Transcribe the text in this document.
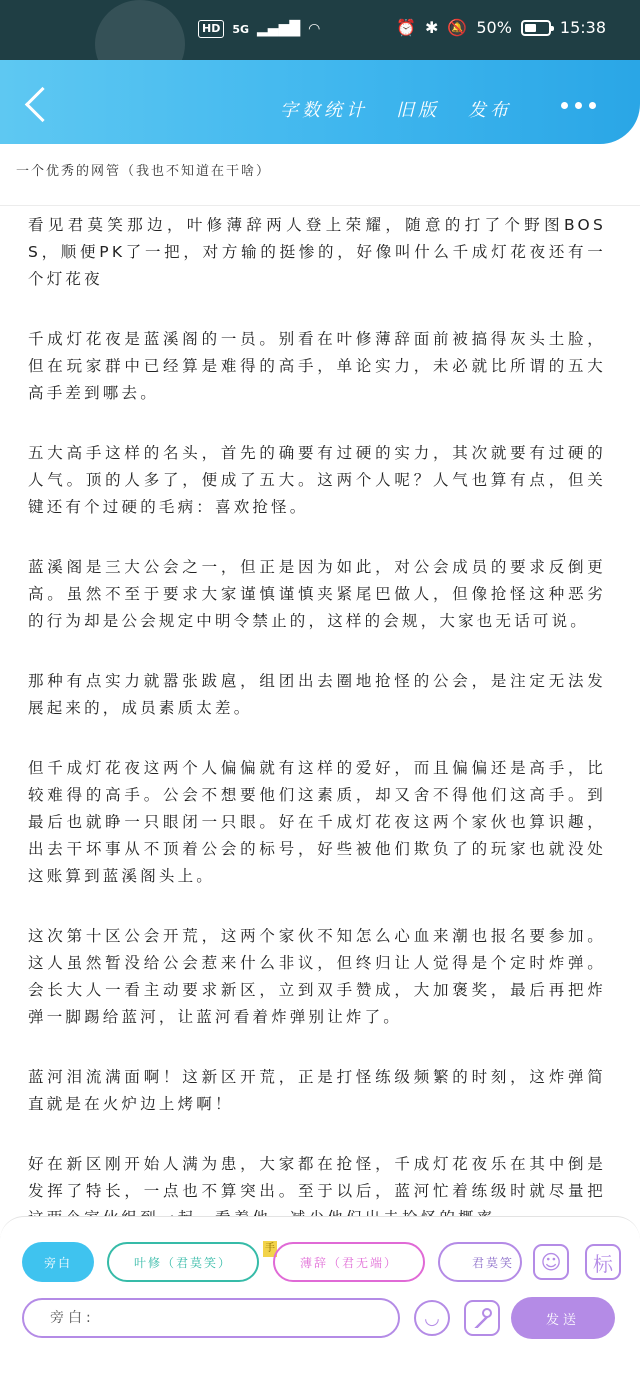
HD	5G ▂▄▆█ ◠	⏰ ✱ 🔕 50%	15:38
字数统计 旧版 发布
一个优秀的网管（我也不知道在干啥）

看见君莫笑那边，叶修薄辞两人登上荣耀，随意的打了个野图BOSS，顺便PK了一把，对方输的挺惨的，好像叫什么千成灯花夜还有一个灯花夜

千成灯花夜是蓝溪阁的一员。别看在叶修薄辞面前被搞得灰头土脸，但在玩家群中已经算是难得的高手，单论实力，未必就比所谓的五大高手差到哪去。

五大高手这样的名头，首先的确要有过硬的实力，其次就要有过硬的人气。顶的人多了，便成了五大。这两个人呢？人气也算有点，但关键还有个过硬的毛病：喜欢抢怪。

蓝溪阁是三大公会之一，但正是因为如此，对公会成员的要求反倒更高。虽然不至于要求大家谨慎谨慎夹紧尾巴做人，但像抢怪这种恶劣的行为却是公会规定中明令禁止的，这样的会规，大家也无话可说。

那种有点实力就嚣张跋扈，组团出去圈地抢怪的公会，是注定无法发展起来的，成员素质太差。

但千成灯花夜这两个人偏偏就有这样的爱好，而且偏偏还是高手，比较难得的高手。公会不想要他们这素质，却又舍不得他们这高手。到最后也就睁一只眼闭一只眼。好在千成灯花夜这两个家伙也算识趣，出去干坏事从不顶着公会的标号，好些被他们欺负了的玩家也就没处这账算到蓝溪阁头上。

这次第十区公会开荒，这两个家伙不知怎么心血来潮也报名要参加。这人虽然暂没给公会惹来什么非议，但终归让人觉得是个定时炸弹。会长大人一看主动要求新区，立到双手赞成，大加褒奖，最后再把炸弹一脚踢给蓝河，让蓝河看着炸弹别让炸了。

蓝河泪流满面啊！这新区开荒，正是打怪练级频繁的时刻，这炸弹简直就是在火炉边上烤啊！

好在新区刚开始人满为患，大家都在抢怪，千成灯花夜乐在其中倒是发挥了特长，一点也不算突出。至于以后，蓝河忙着练级时就尽量把

旁白	叶修（君莫笑）
手
薄辞（君无端）	君莫笑	☺	标
旁白:	◡	发送
